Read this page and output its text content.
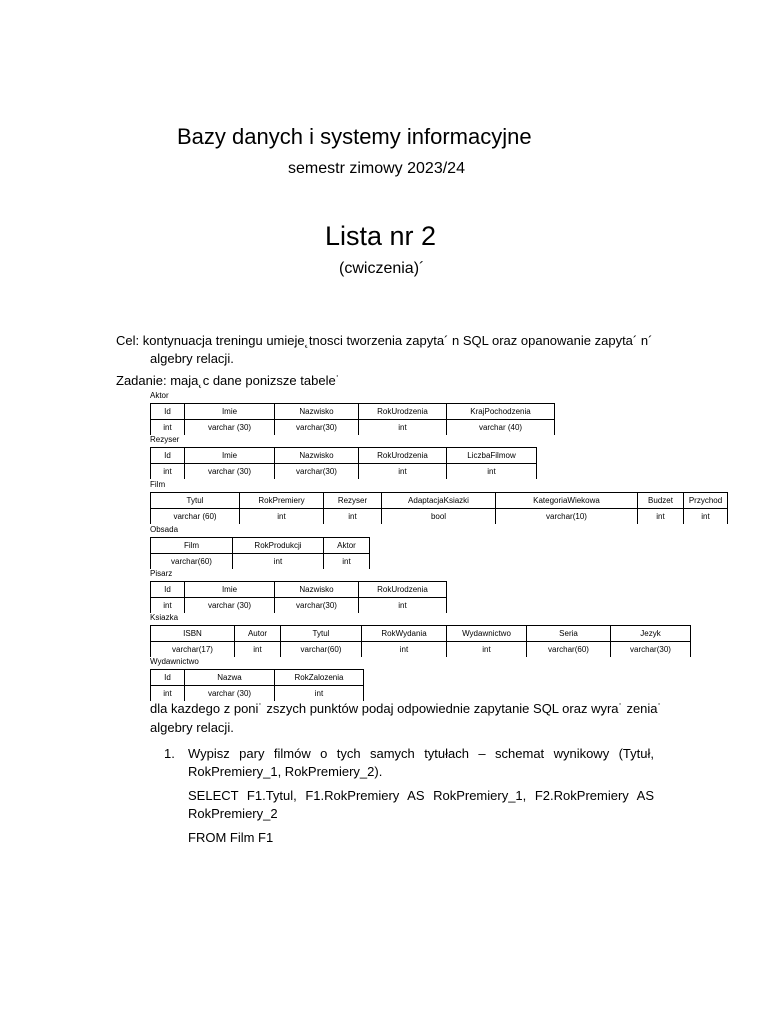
Bazy danych i systemy informacyjne
semestr zimowy 2023/24
Lista nr 2
(cwiczenia)´
Cel: kontynuacja treningu umieje˛tnosci tworzenia zapyta´ n SQL oraz opanowanie zapyta´ n´
algebry relacji.
Zadanie: maja˛c dane ponizsze tabele˙
Aktor
Id	Imie	Nazwisko	RokUrodzenia	KrajPochodzenia
int	varchar (30)	varchar(30)	int	varchar (40)
Rezyser
Id	Imie	Nazwisko	RokUrodzenia	LiczbaFilmow
int	varchar (30)	varchar(30)	int	int
Film
Tytul	RokPremiery	Rezyser	AdaptacjaKsiazki	KategoriaWiekowa	Budzet	Przychod
varchar (60)	int	int	bool	varchar(10)	int	int
Obsada
Film	RokProdukcji	Aktor
varchar(60)	int	int
Pisarz
Id	Imie	Nazwisko	RokUrodzenia
int	varchar (30)	varchar(30)	int
Ksiazka
ISBN	Autor	Tytul	RokWydania	Wydawnictwo	Seria	Jezyk
varchar(17)	int	varchar(60)	int	int	varchar(60)	varchar(30)
Wydawnictwo
Id	Nazwa	RokZalozenia
int	varchar (30)	int
dla kazdego z poni˙ zszych punktów podaj odpowiednie zapytanie SQL oraz wyra˙ zenia˙
algebry relacji.
1. Wypisz pary filmów o tych samych tytułach – schemat wynikowy (Tytuł, RokPremiery_1, RokPremiery_2).
SELECT F1.Tytul, F1.RokPremiery AS RokPremiery_1, F2.RokPremiery AS RokPremiery_2
FROM Film F1
